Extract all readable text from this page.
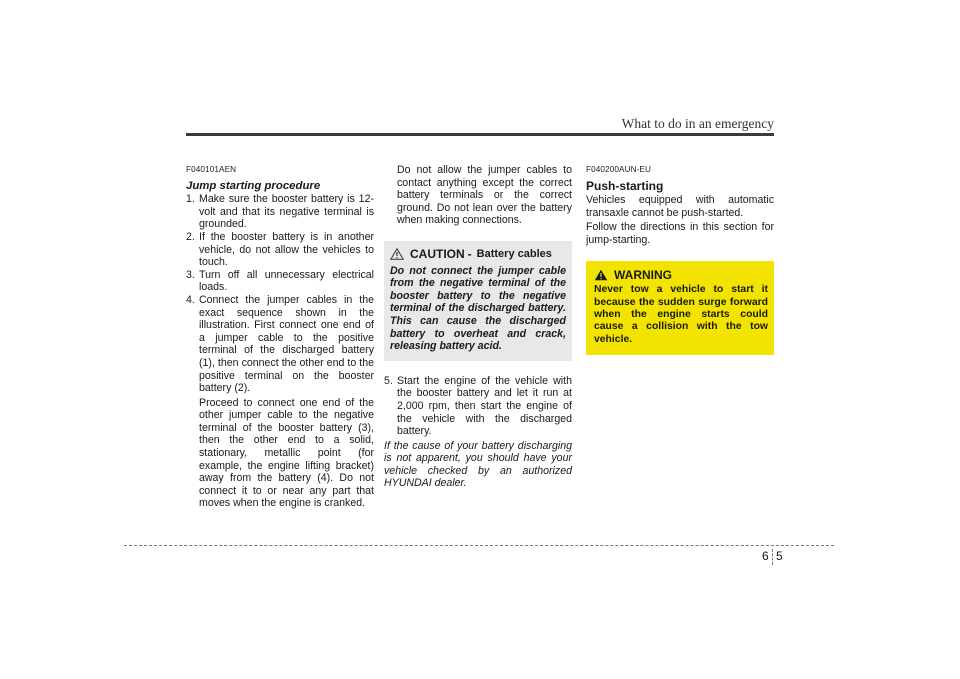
What to do in an emergency
F040101AEN
Jump starting procedure
1. Make sure the booster battery is 12-volt and that its negative terminal is grounded.
2. If the booster battery is in another vehicle, do not allow the vehicles to touch.
3. Turn off all unnecessary electrical loads.
4. Connect the jumper cables in the exact sequence shown in the illustration. First connect one end of a jumper cable to the positive terminal of the discharged battery (1), then connect the other end to the positive terminal on the booster battery (2).

Proceed to connect one end of the other jumper cable to the negative terminal of the booster battery (3), then the other end to a solid, stationary, metallic point (for example, the engine lifting bracket) away from the battery (4). Do not connect it to or near any part that moves when the engine is cranked.

Do not allow the jumper cables to contact anything except the correct battery terminals or the correct ground. Do not lean over the battery when making connections.

CAUTION - Battery cables
Do not connect the jumper cable from the negative terminal of the booster battery to the negative terminal of the discharged battery. This can cause the discharged battery to overheat and crack, releasing battery acid.
5. Start the engine of the vehicle with the booster battery and let it run at 2,000 rpm, then start the engine of the vehicle with the discharged battery.

If the cause of your battery discharging is not apparent, you should have your vehicle checked by an authorized HYUNDAI dealer.

F040200AUN-EU
Push-starting

Vehicles equipped with automatic transaxle cannot be push-started.

Follow the directions in this section for jump-starting.

WARNING
Never tow a vehicle to start it because the sudden surge forward when the engine starts could cause a collision with the tow vehicle.
6 5
